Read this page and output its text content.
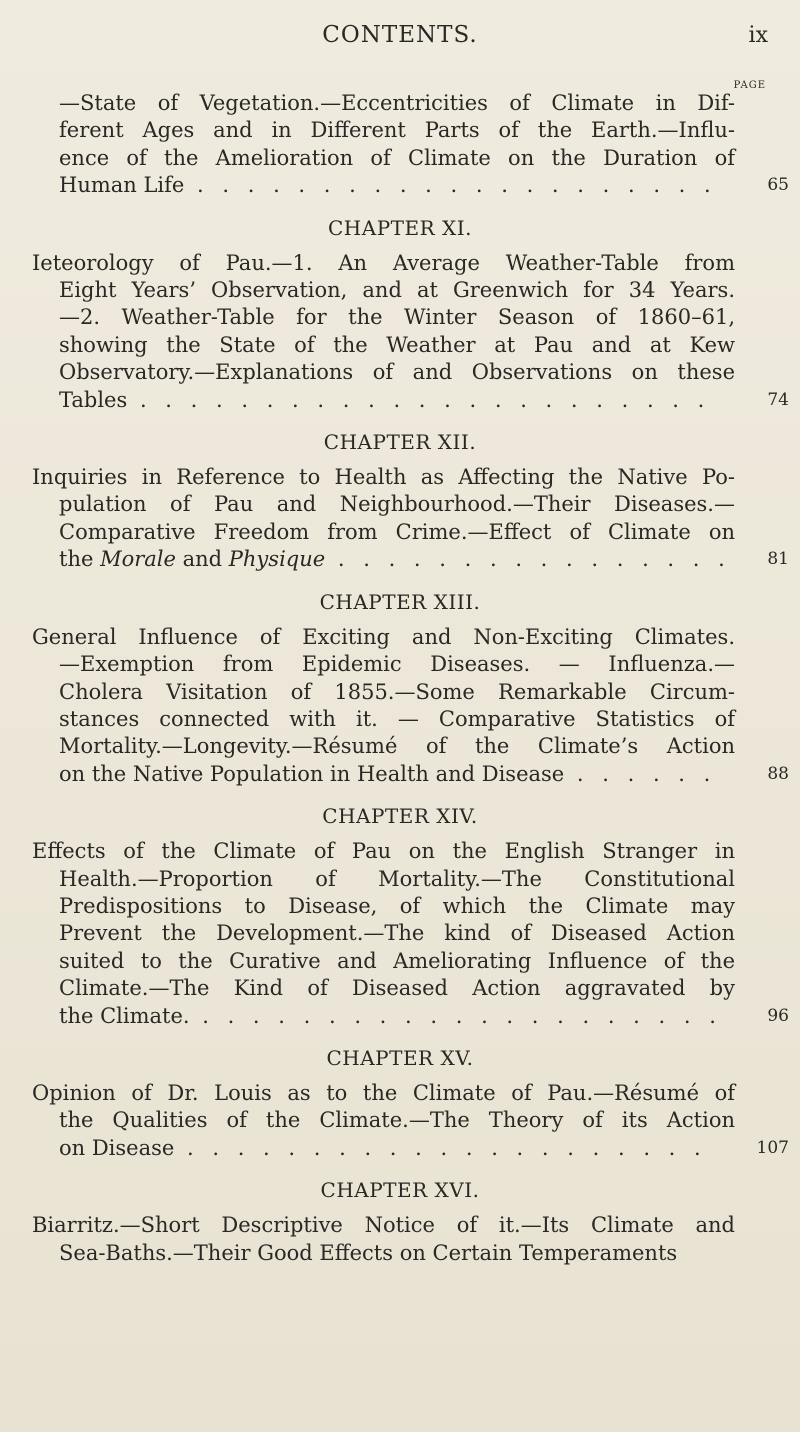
CONTENTS.	ix
PAGE
—State of Vegetation.—Eccentricities of Climate in Dif-
ferent Ages and in Different Parts of the Earth.—Influ-
ence of the Amelioration of Climate on the Duration of
Human Life . . . . . . . . . . . . . . . . . . . . .	65
CHAPTER XI.
Ieteorology of Pau.—1. An Average Weather-Table from
Eight Years’ Observation, and at Greenwich for 34 Years.
—2. Weather-Table for the Winter Season of 1860–61,
showing the State of the Weather at Pau and at Kew
Observatory.—Explanations of and Observations on these
Tables . . . . . . . . . . . . . . . . . . . . . . .	74
CHAPTER XII.
Inquiries in Reference to Health as Affecting the Native Po-
pulation of Pau and Neighbourhood.—Their Diseases.—
Comparative Freedom from Crime.—Effect of Climate on
the Morale and Physique . . . . . . . . . . . . . . . .	81
CHAPTER XIII.
General Influence of Exciting and Non-Exciting Climates.
—Exemption from Epidemic Diseases. — Influenza.—
Cholera Visitation of 1855.—Some Remarkable Circum-
stances connected with it. — Comparative Statistics of
Mortality.—Longevity.—Résumé of the Climate’s Action
on the Native Population in Health and Disease . . . . . .	88
CHAPTER XIV.
Effects of the Climate of Pau on the English Stranger in
Health.—Proportion of Mortality.—The Constitutional
Predispositions to Disease, of which the Climate may
Prevent the Development.—The kind of Diseased Action
suited to the Curative and Ameliorating Influence of the
Climate.—The Kind of Diseased Action aggravated by
the Climate. . . . . . . . . . . . . . . . . . . . . .	96
CHAPTER XV.
Opinion of Dr. Louis as to the Climate of Pau.—Résumé of
the Qualities of the Climate.—The Theory of its Action
on Disease . . . . . . . . . . . . . . . . . . . . .	107
CHAPTER XVI.
Biarritz.—Short Descriptive Notice of it.—Its Climate and
Sea-Baths.—Their Good Effects on Certain Temperaments
